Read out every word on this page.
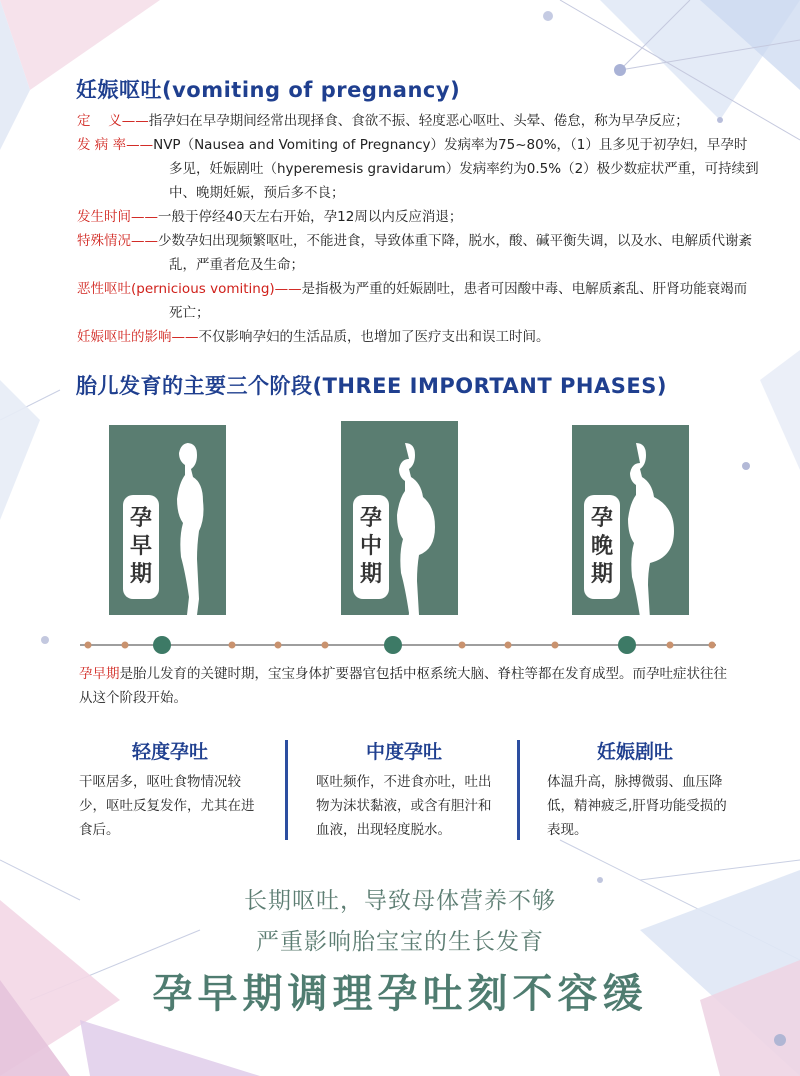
妊娠呕吐(vomiting of pregnancy)
定　 义——指孕妇在早孕期间经常出现择食、食欲不振、轻度恶心呕吐、头晕、倦怠，称为早孕反应；
发 病 率——NVP（Nausea and Vomiting of Pregnancy）发病率为75~80%，（1）且多见于初孕妇，早孕时多见，妊娠剧吐（hyperemesis gravidarum）发病率约为0.5%（2）极少数症状严重，可持续到中、晚期妊娠，预后多不良；
发生时间——一般于停经40天左右开始，孕12周以内反应消退；
特殊情况——少数孕妇出现频繁呕吐，不能进食，导致体重下降，脱水，酸、碱平衡失调，以及水、电解质代谢紊乱，严重者危及生命；
恶性呕吐(pernicious vomiting)——是指极为严重的妊娠剧吐，患者可因酸中毒、电解质紊乱、肝肾功能衰竭而死亡；
妊娠呕吐的影响——不仅影响孕妇的生活品质，也增加了医疗支出和误工时间。
胎儿发育的主要三个阶段(THREE IMPORTANT PHASES)
孕
早
期
孕
中
期
孕
晚
期
孕早期是胎儿发育的关键时期，宝宝身体扩要器官包括中枢系统大脑、脊柱等都在发育成型。而孕吐症状往往从这个阶段开始。
轻度孕吐
干呕居多，呕吐食物情况较少，呕吐反复发作，尤其在进食后。
中度孕吐
呕吐频作，不进食亦吐，吐出物为沫状黏液，或含有胆汁和血液，出现轻度脱水。
妊娠剧吐
体温升高，脉搏微弱、血压降低，精神疲乏,肝肾功能受损的表现。
长期呕吐，导致母体营养不够
严重影响胎宝宝的生长发育
孕早期调理孕吐刻不容缓
